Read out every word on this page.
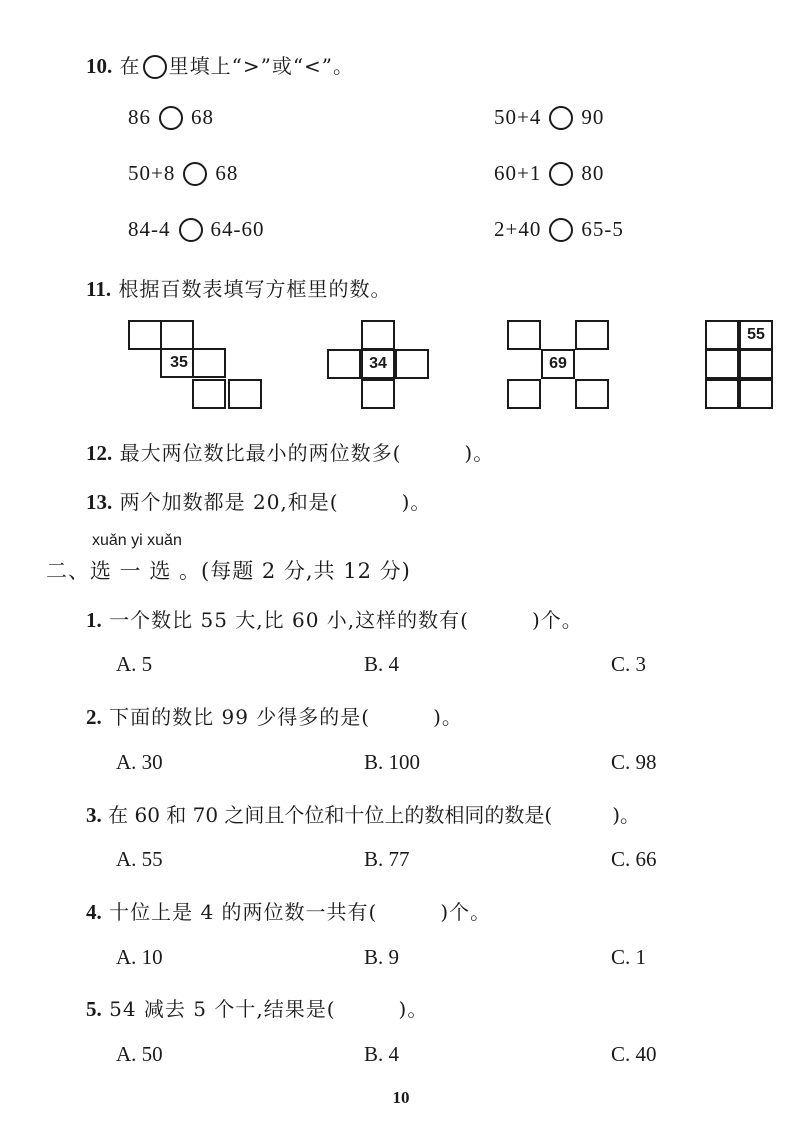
10. 在 里填上“>”或“<”。
86 68	50+4 90
50+8 68	60+1 80
84-4 64-60	2+40 65-5
11. 根据百数表填写方框里的数。
35	34	69
55
12. 最大两位数比最小的两位数多(　　　)。
13. 两个加数都是 20,和是(　　　)。
xuǎn yi xuǎn
二、选 一 选 。(每题 2 分,共 12 分)
1. 一个数比 55 大,比 60 小,这样的数有(　　　)个。
A. 5	B. 4	C. 3
2. 下面的数比 99 少得多的是(　　　)。
A. 30	B. 100	C. 98
3. 在 60 和 70 之间且个位和十位上的数相同的数是(　　　)。
A. 55	B. 77	C. 66
4. 十位上是 4 的两位数一共有(　　　)个。
A. 10	B. 9	C. 1
5. 54 减去 5 个十,结果是(　　　)。
A. 50	B. 4	C. 40
10
